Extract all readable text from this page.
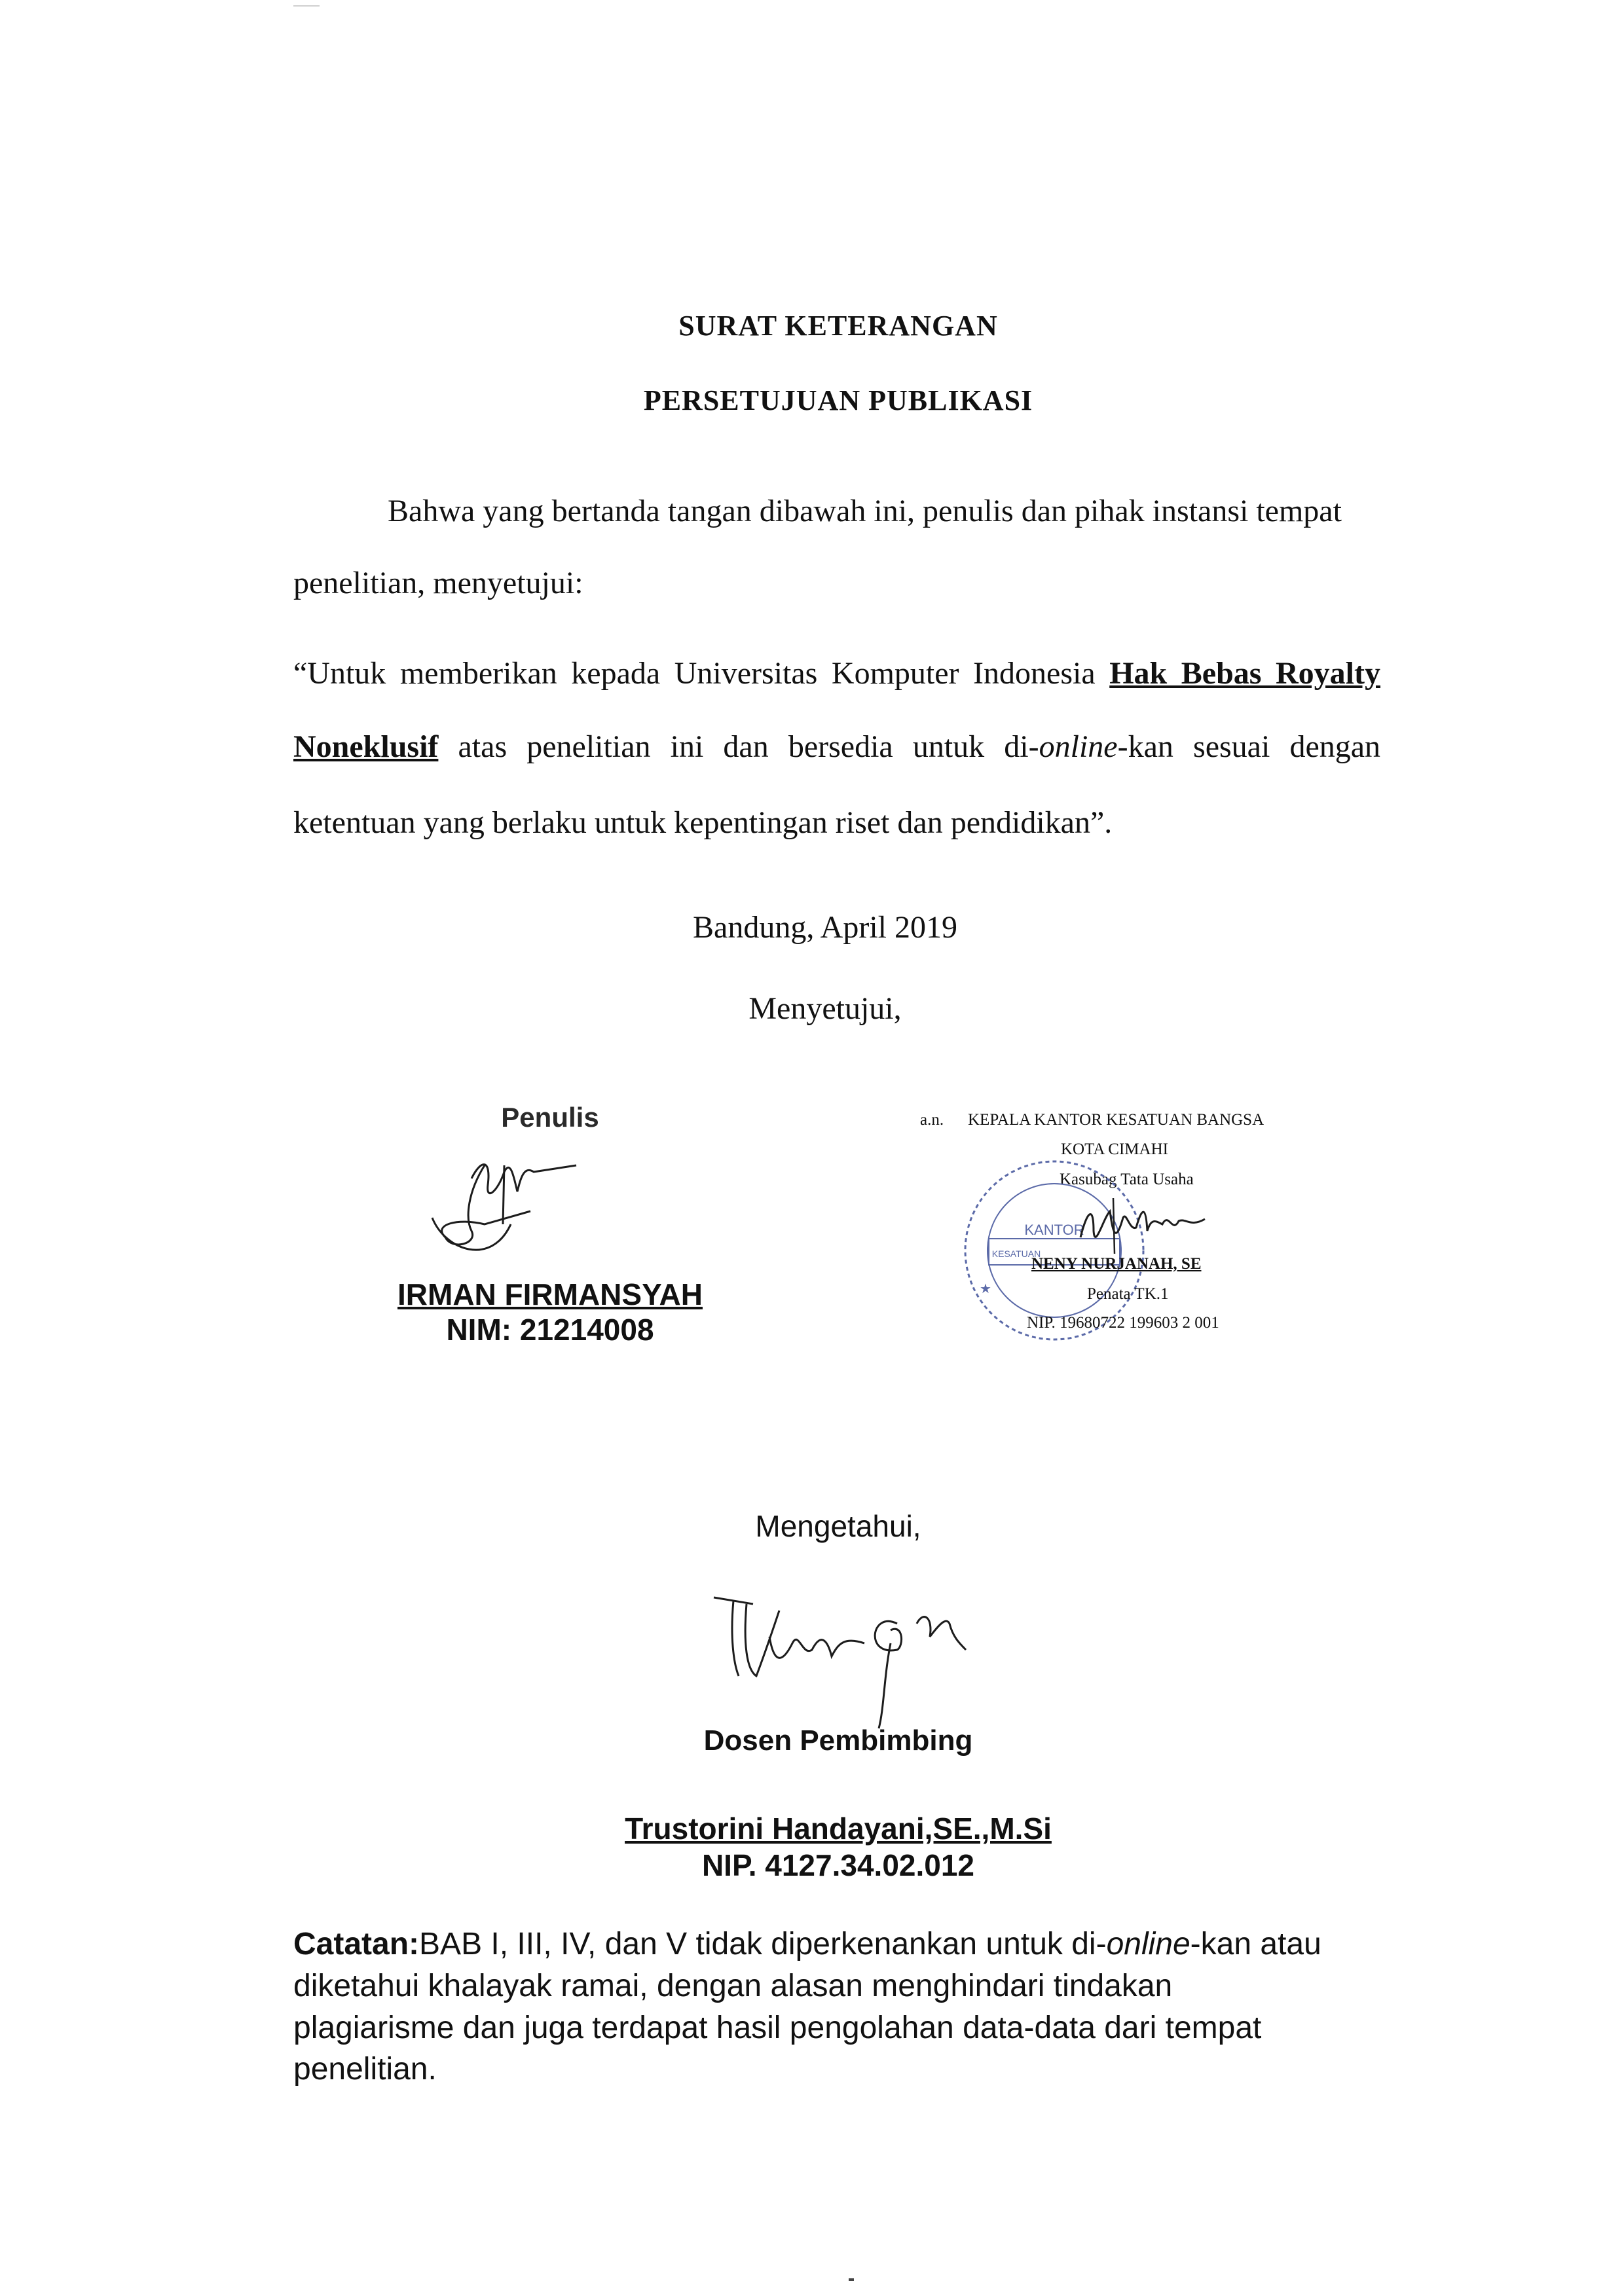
SURAT KETERANGAN
PERSETUJUAN PUBLIKASI
Bahwa yang bertanda tangan dibawah ini, penulis dan pihak instansi tempat
penelitian, menyetujui:
“Untuk memberikan kepada Universitas Komputer Indonesia Hak Bebas Royalty
Noneklusif atas penelitian ini dan bersedia untuk di-online-kan sesuai dengan
ketentuan yang berlaku untuk kepentingan riset dan pendidikan”.
Bandung, April 2019
Menyetujui,
Penulis
IRMAN FIRMANSYAH
NIM: 21214008
a.n. KEPALA KANTOR KESATUAN BANGSA
KOTA CIMAHI
Kasubag Tata Usaha
KANTOR
KESATUAN
★
NENY NURJANAH, SE
Penata TK.1
NIP. 19680722 199603 2 001
Mengetahui,
Dosen Pembimbing
Trustorini Handayani,SE.,M.Si
NIP. 4127.34.02.012
Catatan:BAB I, III, IV, dan V tidak diperkenankan untuk di-online-kan atau diketahui khalayak ramai, dengan alasan menghindari tindakan plagiarisme dan juga terdapat hasil pengolahan data-data dari tempat penelitian.
